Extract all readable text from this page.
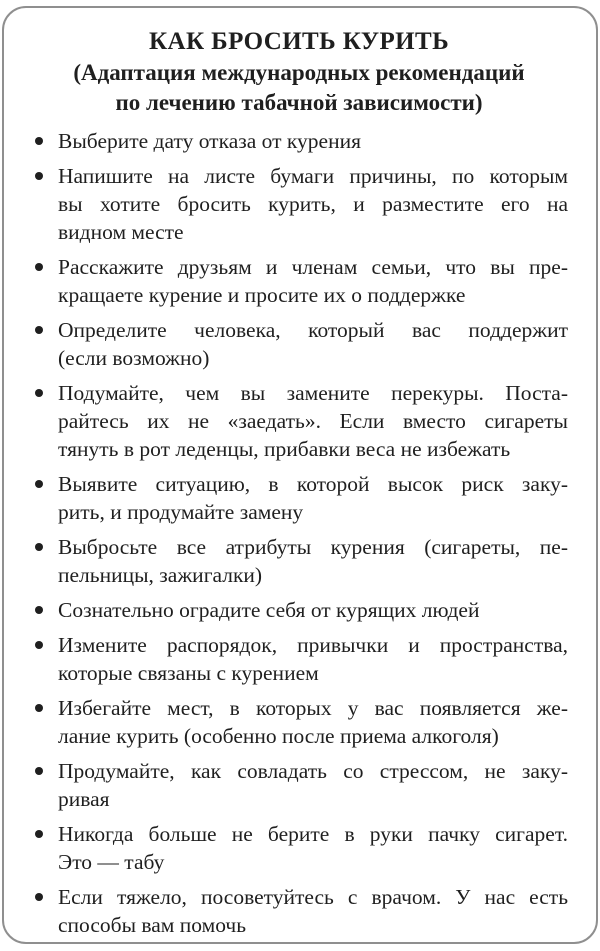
КАК БРОСИТЬ КУРИТЬ
(Адаптация международных рекомендаций
по лечению табачной зависимости)
Выберите дату отказа от курения
Напишите на листе бумаги причины, по которым
вы хотите бросить курить, и разместите его на
видном месте
Расскажите друзьям и членам семьи, что вы пре-
кращаете курение и просите их о поддержке
Определите человека, который вас поддержит
(если возможно)
Подумайте, чем вы замените перекуры. Поста-
райтесь их не «заедать». Если вместо сигареты
тянуть в рот леденцы, прибавки веса не избежать
Выявите ситуацию, в которой высок риск заку-
рить, и продумайте замену
Выбросьте все атрибуты курения (сигареты, пе-
пельницы, зажигалки)
Сознательно оградите себя от курящих людей
Измените распорядок, привычки и пространства,
которые связаны с курением
Избегайте мест, в которых у вас появляется же-
лание курить (особенно после приема алкоголя)
Продумайте, как совладать со стрессом, не заку-
ривая
Никогда больше не берите в руки пачку сигарет.
Это — табу
Если тяжело, посоветуйтесь с врачом. У нас есть
способы вам помочь
